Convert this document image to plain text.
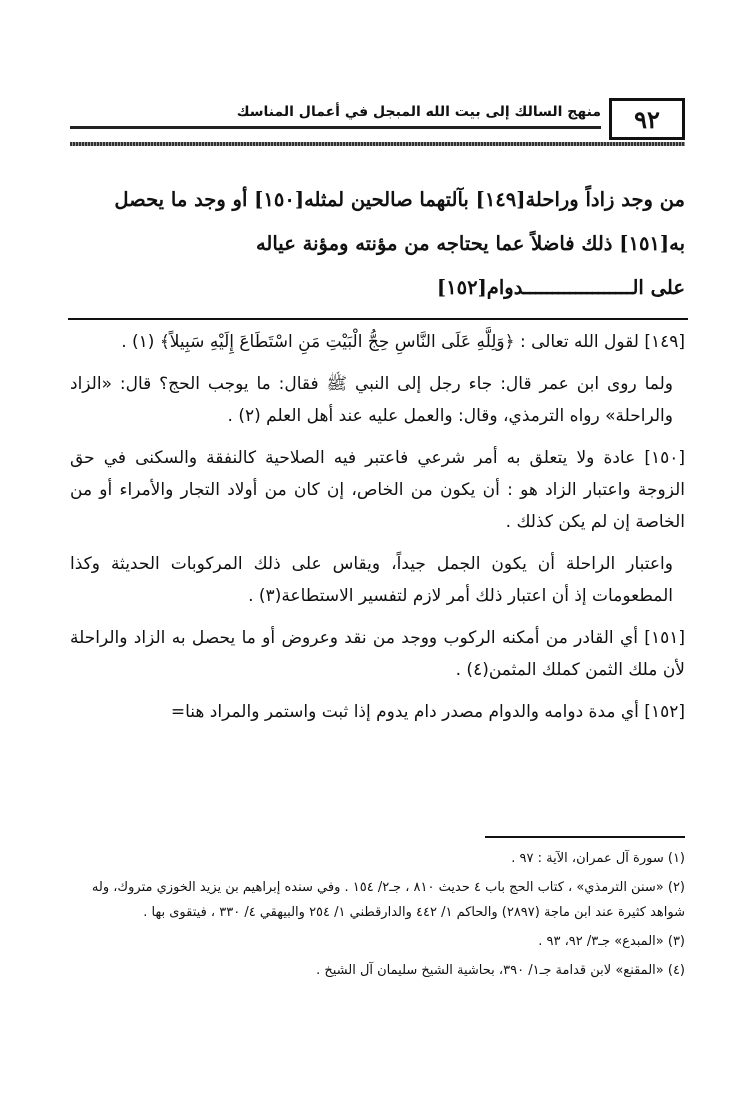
٩٢
منهج السالك إلى بيت الله المبجل في أعمال المناسك

من وجد زاداً وراحلة[١٤٩] بآلتهما صالحين لمثله[١٥٠] أو وجد ما يحصل

به[١٥١] ذلك فاضلاً عما يحتاجه من مؤنته ومؤنة عياله

على الـــــــــــــــــــدوام[١٥٢]

[١٤٩] لقول الله تعالى : ﴿وَلِلَّهِ عَلَى النَّاسِ حِجُّ الْبَيْتِ مَنِ اسْتَطَاعَ إِلَيْهِ سَبِيلاً﴾ (١) .

ولما روى ابن عمر قال: جاء رجل إلى النبي ﷺ فقال: ما يوجب الحج؟ قال: «الزاد والراحلة» رواه الترمذي، وقال: والعمل عليه عند أهل العلم (٢) .

[١٥٠] عادة ولا يتعلق به أمر شرعي فاعتبر فيه الصلاحية كالنفقة والسكنى في حق الزوجة واعتبار الزاد هو : أن يكون من الخاص، إن كان من أولاد التجار والأمراء أو من الخاصة إن لم يكن كذلك .

واعتبار الراحلة أن يكون الجمل جيداً، ويقاس على ذلك المركوبات الحديثة وكذا المطعومات إذ أن اعتبار ذلك أمر لازم لتفسير الاستطاعة(٣) .

[١٥١] أي القادر من أمكنه الركوب ووجد من نقد وعروض أو ما يحصل به الزاد والراحلة لأن ملك الثمن كملك المثمن(٤) .

[١٥٢] أي مدة دوامه والدوام مصدر دام يدوم إذا ثبت واستمر والمراد هنا=

(١) سورة آل عمران، الآية : ٩٧ .

(٢) «سنن الترمذي» ، كتاب الحج باب ٤ حديث ٨١٠ ، جـ٢/ ١٥٤ . وفي سنده إبراهيم بن يزيد الخوزي متروك، وله شواهد كثيرة عند ابن ماجة (٢٨٩٧) والحاكم ١/ ٤٤٢ والدارقطني ١/ ٢٥٤ والبيهقي ٤/ ٣٣٠ ، فيتقوى بها .

(٣) «المبدع» جـ٣/ ٩٢، ٩٣ .

(٤) «المقنع» لابن قدامة جـ١/ ٣٩٠، بحاشية الشيخ سليمان آل الشيخ .
